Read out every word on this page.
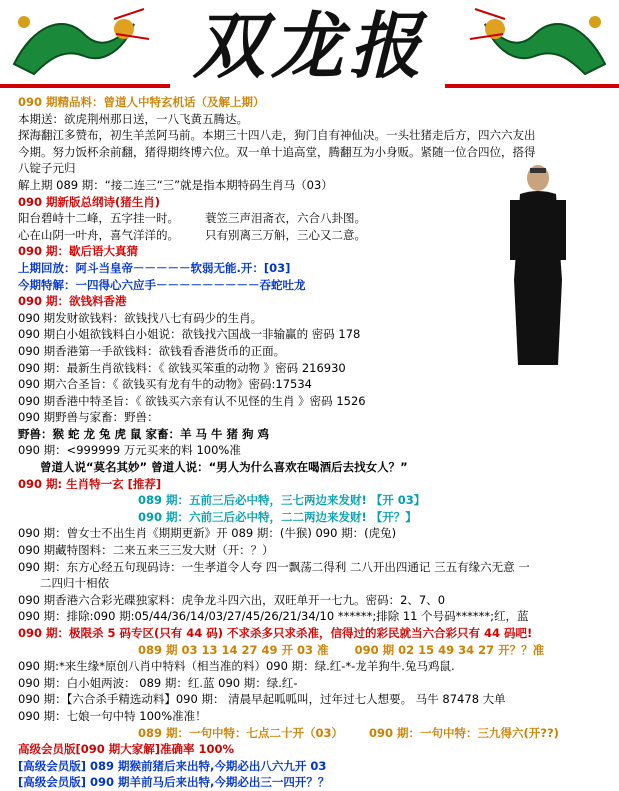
双龙报
090 期精品料：曾道人中特玄机话（及解上期）
本期送：欲虎荆州那日送，一八飞黄五腾达。
探海翻江多赞布，初生羊羔阿马前。本期三十四八走，狗门自有神仙决。一头壮猪走后方，四六六友出
今期。努力饭杯余前翻，猪得期终博六位。双一单十追高堂，腾翻互为小身贩。紧随一位合四位，搭得
八锭子元归
解上期 089 期：“接二连三“三”就是指本期特码生肖马（03）
090 期新版总纲诗(猪生肖)
阳台碧峙十二峰，五字挂一时。 蓑笠三声泪斋衣，六合八卦图。
心在山阴一叶舟，喜气洋洋的。 只有别离三万斛，三心又二意。
090 期：歇后语大真猜
上期回放：阿斗当皇帝－－－－－软弱无能.开：[03]
今期特解：一四得心六应手－－－－－－－－－吞蛇吐龙
090 期：欲钱料香港
090 期发财欲钱料：欲钱找八七有码少的生肖。
090 期白小姐欲钱料白小姐说：欲钱找六国战一非输赢的 密码 178
090 期香港第一手欲钱料：欲钱看香港货币的正面。
090 期：最新生肖欲钱料：《 欲钱买笨重的动物 》密码 216930
090 期六合圣旨：《 欲钱买有龙有牛的动物》密码:17534
090 期香港中特圣旨：《 欲钱买六亲有认不见怪的生肖 》密码 1526
090 期野兽与家畜：野兽：
野兽：猴 蛇 龙 兔 虎 鼠 家畜：羊 马 牛 猪 狗 鸡
090 期：<999999 万元买来的料 100%准
曾道人说“莫名其妙” 曾道人说：“男人为什么喜欢在喝酒后去找女人？”
090 期: 生肖特一玄 [推荐]
089 期：五前三后必中特，三七两边来发财! 【开 03】
090 期：六前三后必中特，二二两边来发财! 【开？】
090 期：曾女士不出生肖《期期更新》开 089 期：(牛猴) 090 期：(虎兔)
090 期藏特图料：二来五来三三发大财（开：？）
090 期：东方心经五句现码诗：一生孝道令人夸 四一飘荡二得利 二八开出四通记 三五有缘六无意 一
二四归十相依
090 期香港六合彩光碟独家料：虎争龙斗四六出，双旺单开一七九。密码：2、7、0
090 期：排除:090 期:05/44/36/14/03/27/45/26/21/34/10 ******;排除 11 个号码******;红，蓝
090 期：极限杀 5 码专区(只有 44 码) 不求杀多只求杀准，信得过的彩民就当六合彩只有 44 码吧!
089 期 03 13 14 27 49 开 03 准 090 期 02 15 49 34 27 开？？准
090 期:*来生缘*原创八肖中特料（相当准的料）090 期：绿.红-*-龙羊狗牛.兔马鸡鼠.
090 期：白小姐两波： 089 期：红.蓝 090 期：绿.红-
090 期：【六合杀手精选动料】090 期： 清晨早起呱呱叫，过年过七人想要。 马牛 87478 大单
090 期：七娘一句中特 100%准准！
089 期：一句中特：七点二十开（03） 090 期：一句中特：三九得六(开??)
高级会员版[090 期大家解]准确率 100%
[高级会员版] 089 期猴前猪后来出特,今期必出八六九开 03
[高级会员版] 090 期羊前马后来出特,今期必出三一四开？？
